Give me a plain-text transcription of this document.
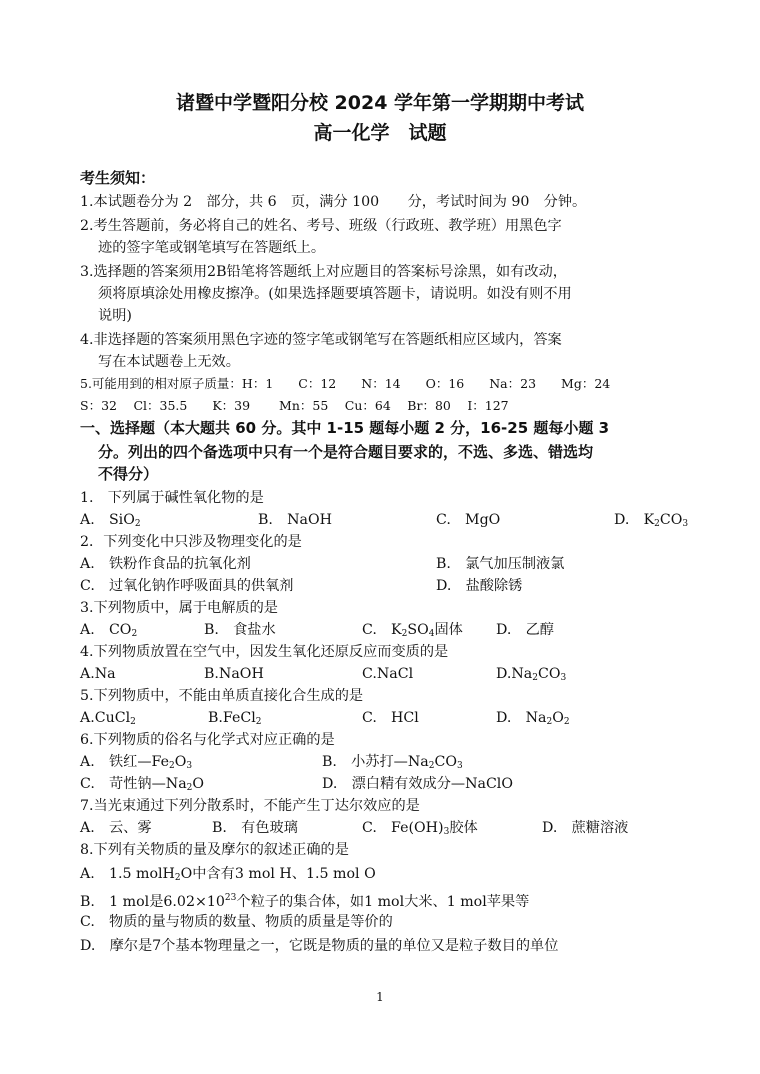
诸暨中学暨阳分校 2024 学年第一学期期中考试
高一化学　试题
考生须知：
1.本试题卷分为 2　部分，共 6　页，满分 100　　分，考试时间为 90　分钟。
2.考生答题前，务必将自己的姓名、考号、班级（行政班、教学班）用黑色字
迹的签字笔或钢笔填写在答题纸上。
3.选择题的答案须用2B铅笔将答题纸上对应题目的答案标号涂黑，如有改动，
须将原填涂处用橡皮擦净。(如果选择题要填答题卡，请说明。如没有则不用
说明)
4.非选择题的答案须用黑色字迹的签字笔或钢笔写在答题纸相应区域内，答案
写在本试题卷上无效。
5.可能用到的相对原子质量：H：1　　C：12　　N：14　　O：16　　Na：23　　Mg：24
S：32　 Cl：35.5　　K：39　　 Mn：55　 Cu：64　 Br：80　 I：127
一、选择题（本大题共 60 分。其中 1-15 题每小题 2 分，16-25 题每小题 3
分。列出的四个备选项中只有一个是符合题目要求的，不选、多选、错选均
不得分）
1.　下列属于碱性氧化物的是
A.　SiO$_2$	B.　NaOH	C.　MgO	D.　$K_2CO_3$
2．下列变化中只涉及物理变化的是
A.　铁粉作食品的抗氧化剂	B.　氯气加压制液氯
C.　过氧化钠作呼吸面具的供氧剂	D.　盐酸除锈
3.下列物质中，属于电解质的是
A.　$CO_2$	B.　食盐水	C.　$K_2SO_4$固体 D.　乙醇
4.下列物质放置在空气中，因发生氧化还原反应而变质的是
A.Na	B.NaOH	C.NaCl	$D.Na_2CO_3$
5.下列物质中，不能由单质直接化合生成的是
A.CuCl$_2$	B.FeCl$_2$	C.　HCl	D.　$Na_2O_2$
6.下列物质的俗名与化学式对应正确的是
A.　铁红$—Fe_2O_3$	B.　小苏打$—Na_2CO_3$
C.　苛性钠$—Na_2O$	D.　漂白精有效成分—NaClO
7.当光束通过下列分散系时，不能产生丁达尔效应的是
A.　云、雾	B.　有色玻璃	C.　$Fe(OH)_3$胶体	D.　蔗糖溶液
8.下列有关物质的量及摩尔的叙述正确的是
A.　1.5 molH$_2$O中含有3 mol H、1.5 mol O
B.　1 mol是$6.02\times 10^{23}$个粒子的集合体，如1 mol大米、1 mol苹果等
C.　物质的量与物质的数量、物质的质量是等价的
D.　摩尔是7个基本物理量之一，它既是物质的量的单位又是粒子数目的单位
1
